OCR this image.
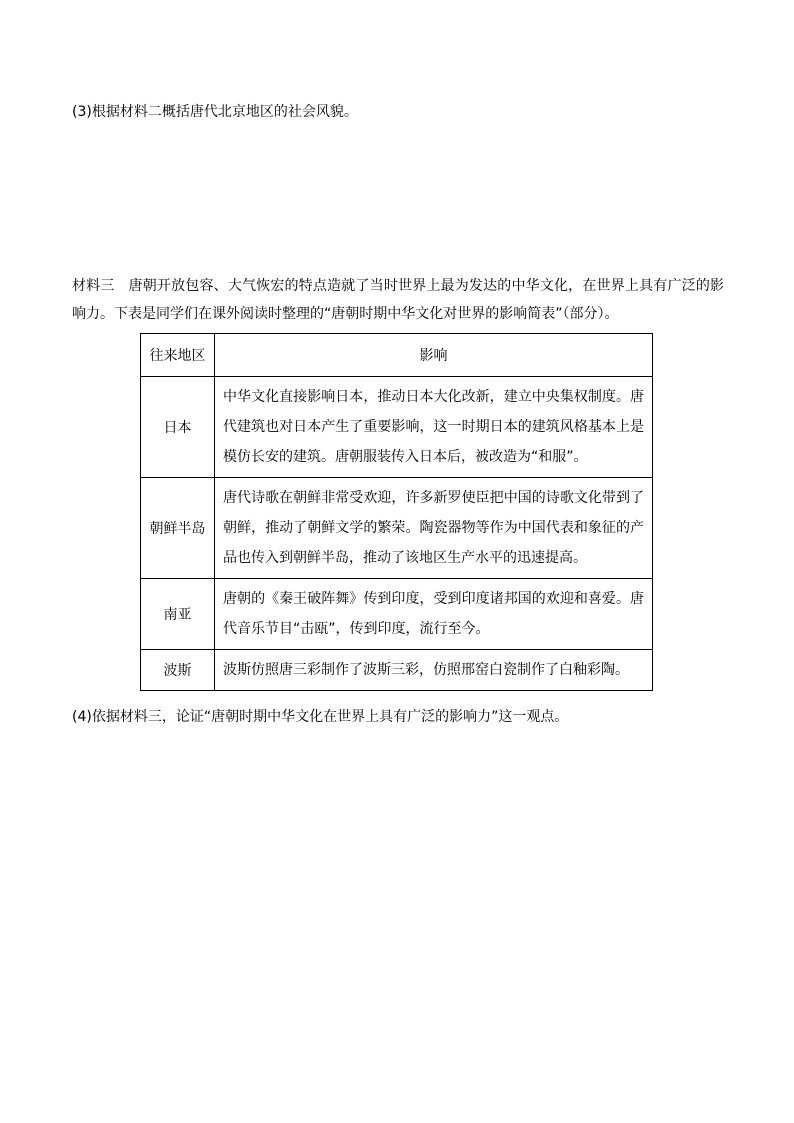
(3)根据材料二概括唐代北京地区的社会风貌。
材料三 唐朝开放包容、大气恢宏的特点造就了当时世界上最为发达的中华文化，在世界上具有广泛的影响力。下表是同学们在课外阅读时整理的“唐朝时期中华文化对世界的影响简表”（部分）。
往来地区	影响
日本	中华文化直接影响日本，推动日本大化改新，建立中央集权制度。唐代建筑也对日本产生了重要影响，这一时期日本的建筑风格基本上是模仿长安的建筑。唐朝服装传入日本后，被改造为“和服”。
朝鲜半岛	唐代诗歌在朝鲜非常受欢迎，许多新罗使臣把中国的诗歌文化带到了朝鲜，推动了朝鲜文学的繁荣。陶瓷器物等作为中国代表和象征的产品也传入到朝鲜半岛，推动了该地区生产水平的迅速提高。
南亚	唐朝的《秦王破阵舞》传到印度，受到印度诸邦国的欢迎和喜爱。唐代音乐节目“击瓯”，传到印度，流行至今。
波斯	波斯仿照唐三彩制作了波斯三彩，仿照邢窑白瓷制作了白釉彩陶。
(4)依据材料三，论证“唐朝时期中华文化在世界上具有广泛的影响力”这一观点。
